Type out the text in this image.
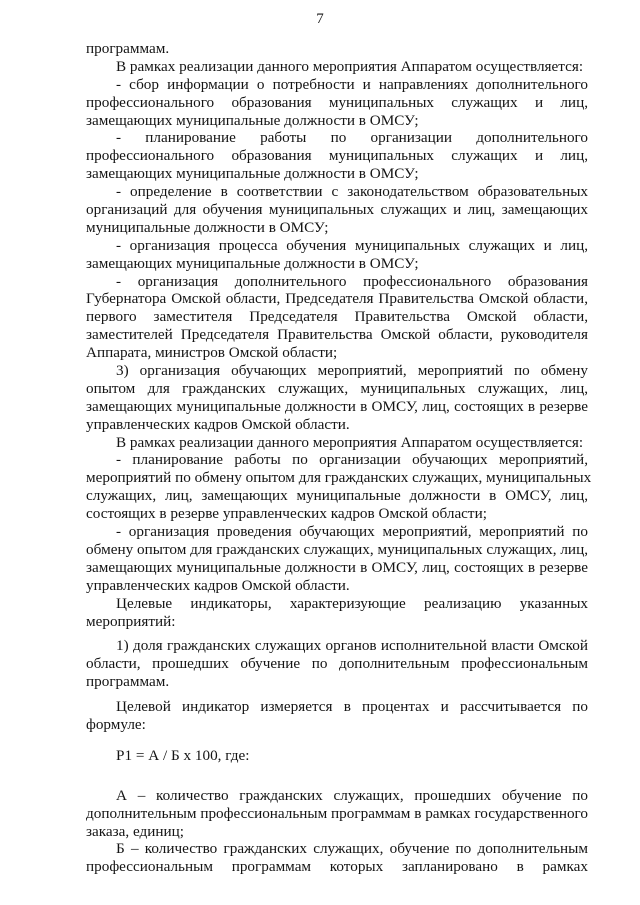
7
программам.
В рамках реализации данного мероприятия Аппаратом осуществляется:
- сбор информации о потребности и направлениях дополнительного
профессионального образования муниципальных служащих и лиц,
замещающих муниципальные должности в ОМСУ;
- планирование работы по организации дополнительного
профессионального образования муниципальных служащих и лиц,
замещающих муниципальные должности в ОМСУ;
- определение в соответствии с законодательством образовательных
организаций для обучения муниципальных служащих и лиц, замещающих
муниципальные должности в ОМСУ;
- организация процесса обучения муниципальных служащих и лиц,
замещающих муниципальные должности в ОМСУ;
- организация дополнительного профессионального образования
Губернатора Омской области, Председателя Правительства Омской области,
первого заместителя Председателя Правительства Омской области,
заместителей Председателя Правительства Омской области, руководителя
Аппарата, министров Омской области;
3) организация обучающих мероприятий, мероприятий по обмену
опытом для гражданских служащих, муниципальных служащих, лиц,
замещающих муниципальные должности в ОМСУ, лиц, состоящих в резерве
управленческих кадров Омской области.
В рамках реализации данного мероприятия Аппаратом осуществляется:
- планирование работы по организации обучающих мероприятий,
мероприятий по обмену опытом для гражданских служащих, муниципальных
служащих, лиц, замещающих муниципальные должности в ОМСУ, лиц,
состоящих в резерве управленческих кадров Омской области;
- организация проведения обучающих мероприятий, мероприятий по
обмену опытом для гражданских служащих, муниципальных служащих, лиц,
замещающих муниципальные должности в ОМСУ, лиц, состоящих в резерве
управленческих кадров Омской области.
Целевые индикаторы, характеризующие реализацию указанных
мероприятий:
1) доля гражданских служащих органов исполнительной власти Омской
области, прошедших обучение по дополнительным профессиональным
программам.
Целевой индикатор измеряется в процентах и рассчитывается по
формуле:
P1 = А / Б x 100, где:
А – количество гражданских служащих, прошедших обучение по
дополнительным профессиональным программам в рамках государственного
заказа, единиц;
Б – количество гражданских служащих, обучение по дополнительным
профессиональным программам которых запланировано в рамках
